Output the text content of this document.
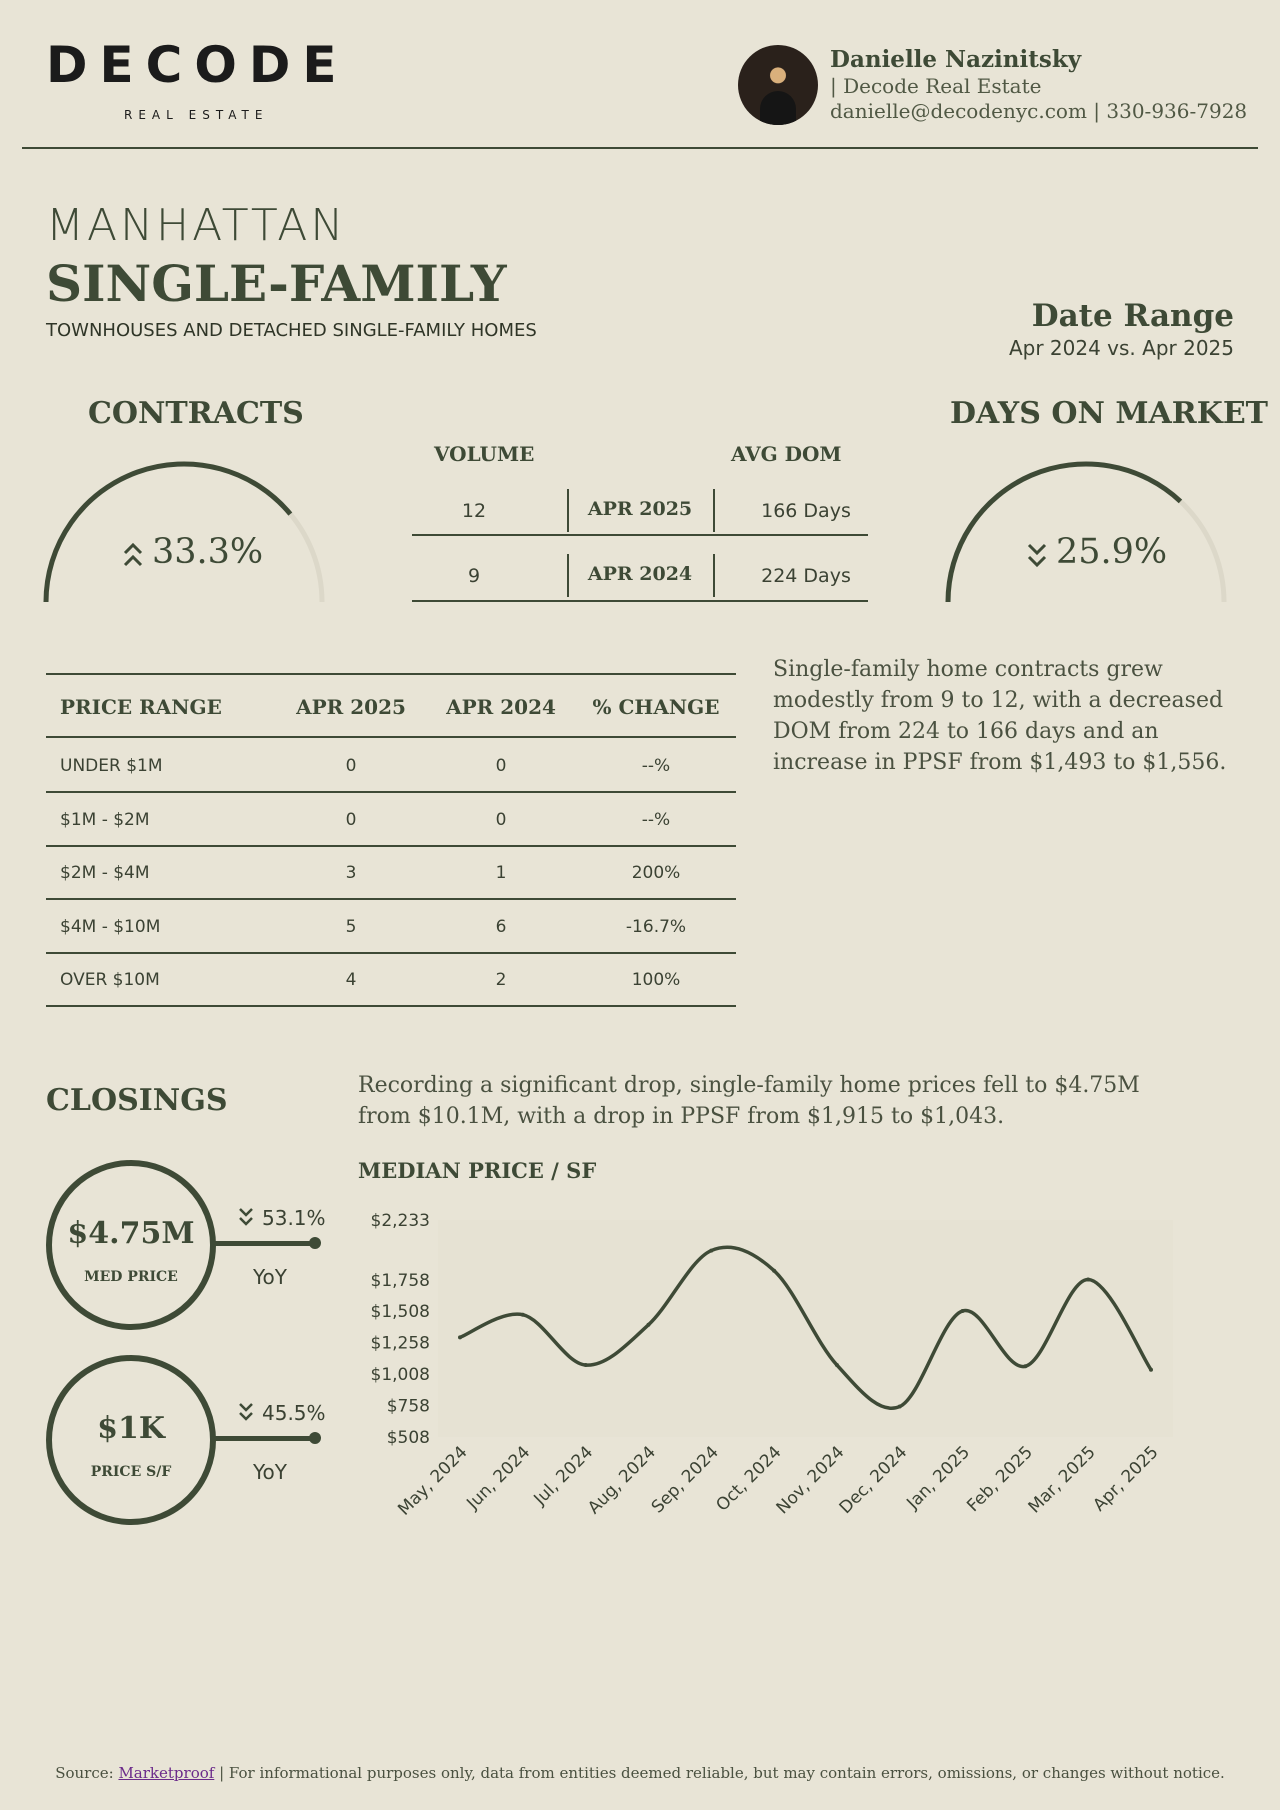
DECODE
REAL ESTATE
Danielle Nazinitsky
| Decode Real Estate
danielle@decodenyc.com | 330-936-7928
MANHATTAN
SINGLE-FAMILY
TOWNHOUSES AND DETACHED SINGLE-FAMILY HOMES	Date Range
Apr 2024 vs. Apr 2025
CONTRACTS
33.3%
VOLUME	AVG DOM
12	APR 2025	166 Days
9	APR 2024	224 Days
DAYS ON MARKET
25.9%
PRICE RANGE	APR 2025	APR 2024	% CHANGE
UNDER $1M	0	0	--%
$1M - $2M	0	0	--%
$2M - $4M	3	1	200%
$4M - $10M	5	6	-16.7%
OVER $10M	4	2	100%
Single-family home contracts grew modestly from 9 to 12, with a decreased DOM from 224 to 166 days and an increase in PPSF from $1,493 to $1,556.
CLOSINGS	Recording a significant drop, single-family home prices fell to $4.75M from $10.1M, with a drop in PPSF from $1,915 to $1,043.
$4.75M
MED PRICE
53.1%
YoY
$1K
PRICE S/F
45.5%
YoY
MEDIAN PRICE / SF
$508
$758
$1,008
$1,258
$1,508
$1,758
$2,233
May, 2024
Jun, 2024
Jul, 2024
Aug, 2024
Sep, 2024
Oct, 2024
Nov, 2024
Dec, 2024
Jan, 2025
Feb, 2025
Mar, 2025
Apr, 2025
Source: Marketproof | For informational purposes only, data from entities deemed reliable, but may contain errors, omissions, or changes without notice.
